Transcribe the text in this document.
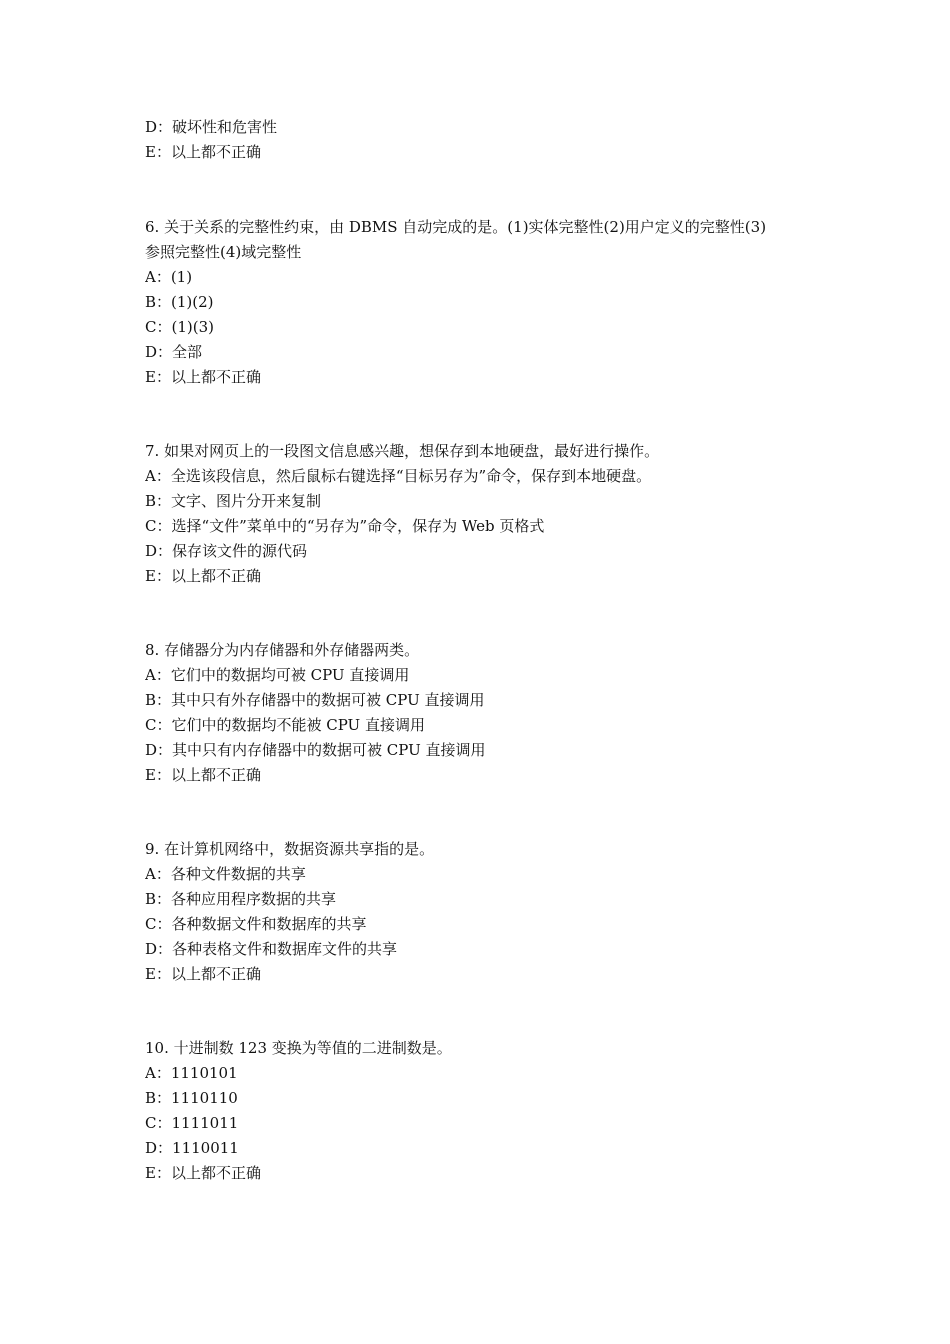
D：破坏性和危害性
E：以上都不正确
6. 关于关系的完整性约束，由 DBMS 自动完成的是。(1)实体完整性(2)用户定义的完整性(3)
参照完整性(4)域完整性
A：(1)
B：(1)(2)
C：(1)(3)
D：全部
E：以上都不正确
7. 如果对网页上的一段图文信息感兴趣，想保存到本地硬盘，最好进行操作。
A：全选该段信息，然后鼠标右键选择“目标另存为”命令，保存到本地硬盘。
B：文字、图片分开来复制
C：选择“文件”菜单中的“另存为”命令，保存为 Web 页格式
D：保存该文件的源代码
E：以上都不正确
8. 存储器分为内存储器和外存储器两类。
A：它们中的数据均可被 CPU 直接调用
B：其中只有外存储器中的数据可被 CPU 直接调用
C：它们中的数据均不能被 CPU 直接调用
D：其中只有内存储器中的数据可被 CPU 直接调用
E：以上都不正确
9. 在计算机网络中，数据资源共享指的是。
A：各种文件数据的共享
B：各种应用程序数据的共享
C：各种数据文件和数据库的共享
D：各种表格文件和数据库文件的共享
E：以上都不正确
10. 十进制数 123 变换为等值的二进制数是。
A：1110101
B：1110110
C：1111011
D：1110011
E：以上都不正确
